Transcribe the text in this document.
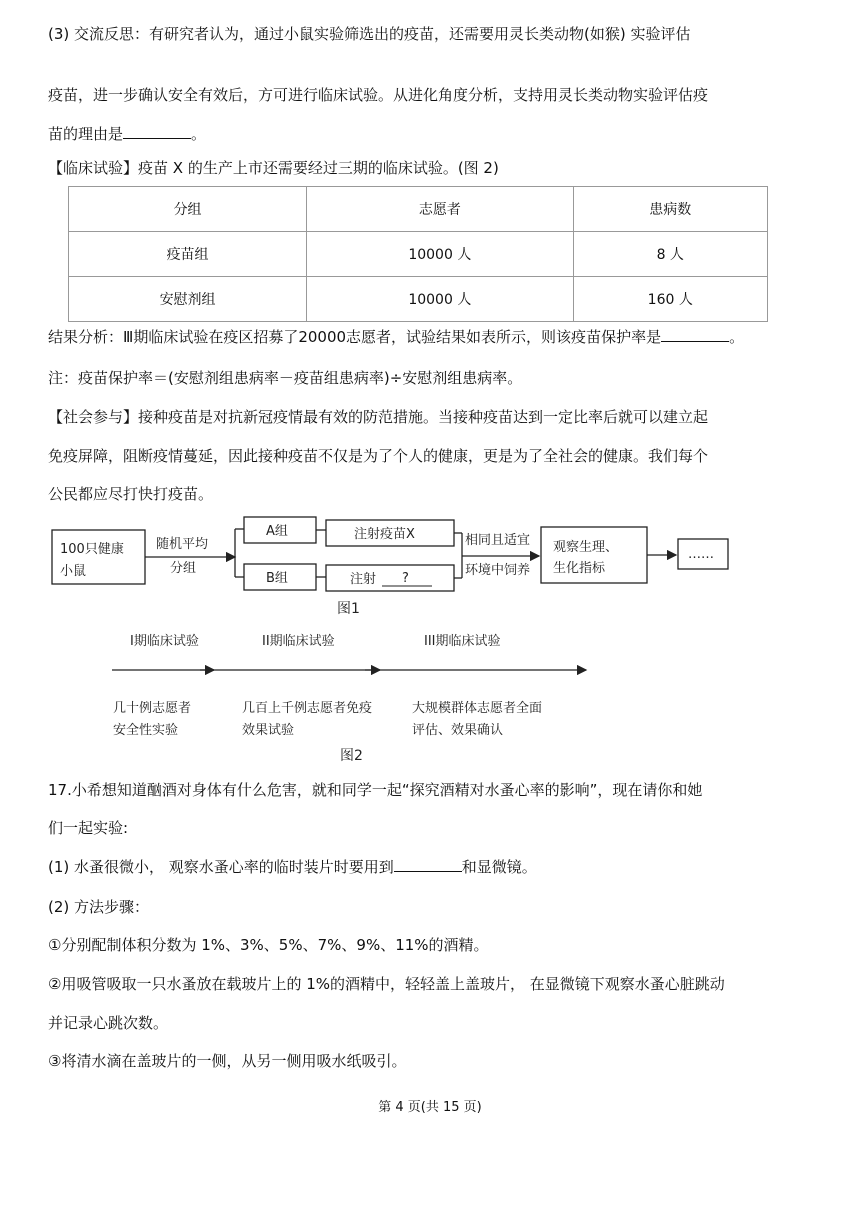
(3) 交流反思：有研究者认为，通过小鼠实验筛选出的疫苗，还需要用灵长类动物(如猴) 实验评估
疫苗，进一步确认安全有效后，方可进行临床试验。从进化角度分析，支持用灵长类动物实验评估疫
苗的理由是	。
【临床试验】疫苗 X 的生产上市还需要经过三期的临床试验。(图 2)
分组	志愿者	患病数
疫苗组	10000 人	8 人
安慰剂组	10000 人	160 人
结果分析：Ⅲ期临床试验在疫区招募了20000志愿者，试验结果如表所示，则该疫苗保护率是	。
注：疫苗保护率＝(安慰剂组患病率－疫苗组患病率)÷安慰剂组患病率。
【社会参与】接种疫苗是对抗新冠疫情最有效的防范措施。当接种疫苗达到一定比率后就可以建立起
免疫屏障，阻断疫情蔓延，因此接种疫苗不仅是为了个人的健康，更是为了全社会的健康。我们每个
公民都应尽打快打疫苗。
100只健康
小鼠
随机平均
分组
A组
B组
注射疫苗X
注射 ?
相同且适宜
环境中饲养
观察生理、
生化指标
……
图1
I期临床试验	II期临床试验	III期临床试验
几十例志愿者
安全性实验
几百上千例志愿者免疫
效果试验
大规模群体志愿者全面
评估、效果确认
图2
17.小希想知道酗酒对身体有什么危害，就和同学一起“探究酒精对水蚤心率的影响”，现在请你和她
们一起实验:
(1) 水蚤很微小， 观察水蚤心率的临时装片时要用到	和显微镜。
(2) 方法步骤：
①分别配制体积分数为 1%、3%、5%、7%、9%、11%的酒精。
②用吸管吸取一只水蚤放在载玻片上的 1%的酒精中，轻轻盖上盖玻片， 在显微镜下观察水蚤心脏跳动
并记录心跳次数。
③将清水滴在盖玻片的一侧，从另一侧用吸水纸吸引。
第 4 页(共 15 页)
